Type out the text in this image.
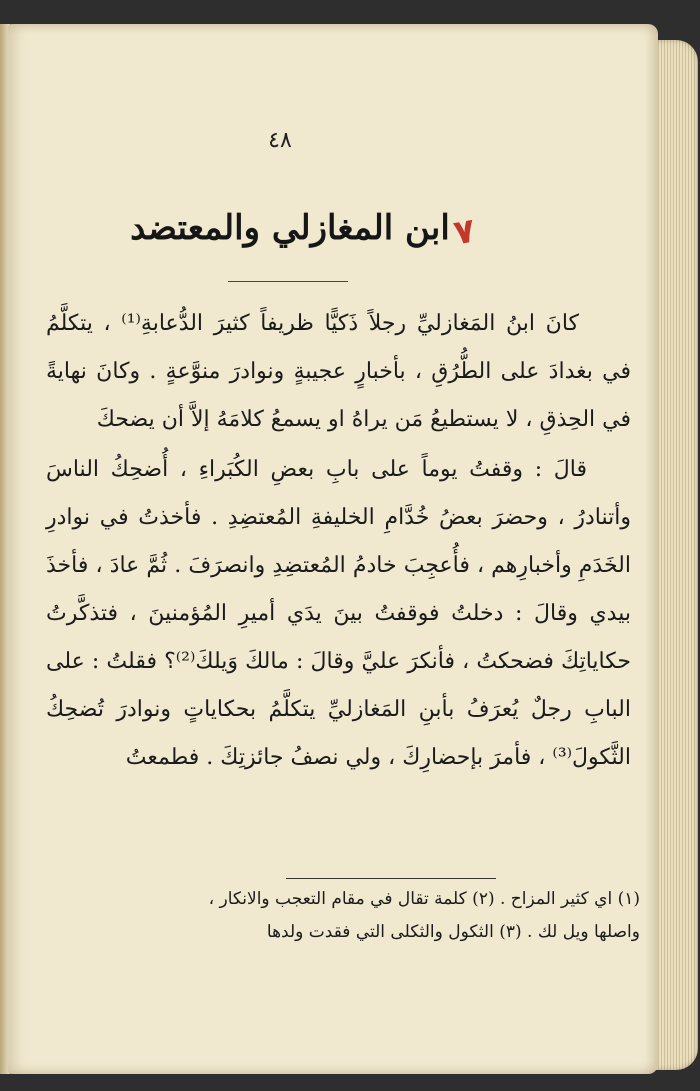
٤٨
٧
ابن المغازلي والمعتضد

كانَ ابنُ المَغازليِّ رجلاً ذَكيًّا ظريفاً كثيرَ الدُّعابةِ⁽¹⁾ ، يتكلَّمُ في بغدادَ على الطُّرُقِ ، بأخبارٍ عجيبةٍ ونوادرَ منوَّعةٍ . وكانَ نهايةً في الحِذقِ ، لا يستطيعُ مَن يراهُ او يسمعُ كلامَهُ إلاَّ أن يضحكَ

قالَ : وقفتُ يوماً على بابِ بعضِ الكُبَراءِ ، أُضحِكُ الناسَ وأتنادرُ ، وحضرَ بعضُ خُدَّامِ الخليفةِ المُعتضِدِ . فأخذتُ في نوادرِ الخَدَمِ وأخبارِهم ، فأُعجِبَ خادمُ المُعتضِدِ وانصرَفَ . ثُمَّ عادَ ، فأخذَ بيدي وقالَ : دخلتُ فوقفتُ بينَ يدَي أميرِ المُؤمنينَ ، فتذكَّرتُ حكاياتِكَ فضحكتُ ، فأنكرَ عليَّ وقالَ : مالكَ وَيلكَ⁽²⁾؟ فقلتُ : على البابِ رجلٌ يُعرَفُ بأبنِ المَغازليِّ يتكلَّمُ بحكاياتٍ ونوادرَ تُضحِكُ الثَّكولَ⁽³⁾ ، فأمرَ بإحضارِكَ ، ولي نصفُ جائزتِكَ . فطمعتُ

(١) اي كثير المزاح . (٢) كلمة تقال في مقام التعجب والانكار ،

واصلها ويل لك . (٣) الثكول والثكلى التي فقدت ولدها
